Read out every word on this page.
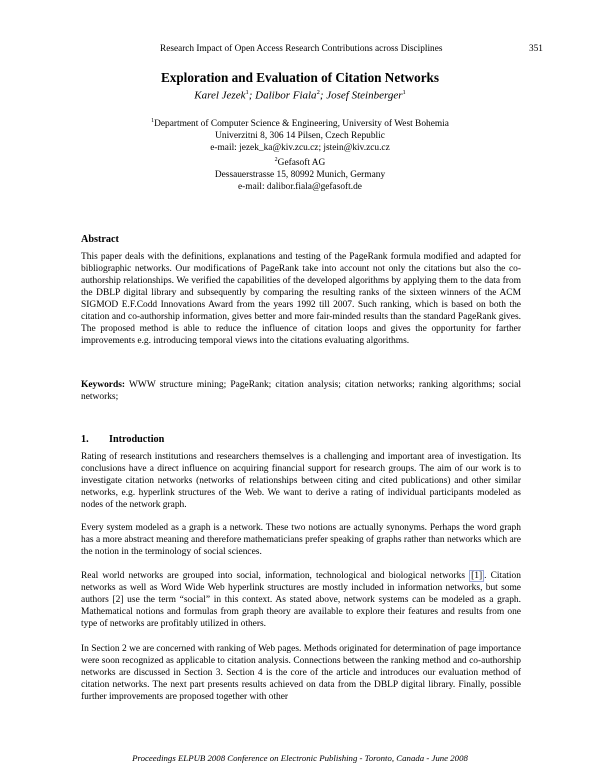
Research Impact of Open Access Research Contributions across Disciplines	351
Exploration and Evaluation of Citation Networks
Karel Jezek$^1$; Dalibor Fiala$^2$; Josef Steinberger$^1$
$^1$Department of Computer Science & Engineering, University of West Bohemia
Univerzitni 8, 306 14 Pilsen, Czech Republic
e-mail: jezek_ka@kiv.zcu.cz; jstein@kiv.zcu.cz
$^2$Gefasoft AG
Dessauerstrasse 15, 80992 Munich, Germany
e-mail: dalibor.fiala@gefasoft.de
Abstract
This paper deals with the definitions, explanations and testing of the PageRank formula modified and adapted for bibliographic networks. Our modifications of PageRank take into account not only the citations but also the co-authorship relationships. We verified the capabilities of the developed algorithms by applying them to the data from the DBLP digital library and subsequently by comparing the resulting ranks of the sixteen winners of the ACM SIGMOD E.F.Codd Innovations Award from the years 1992 till 2007. Such ranking, which is based on both the citation and co-authorship information, gives better and more fair-minded results than the standard PageRank gives. The proposed method is able to reduce the influence of citation loops and gives the opportunity for farther improvements e.g. introducing temporal views into the citations evaluating algorithms.
Keywords: WWW structure mining; PageRank; citation analysis; citation networks; ranking algorithms; social networks;
1. Introduction
Rating of research institutions and researchers themselves is a challenging and important area of investigation. Its conclusions have a direct influence on acquiring financial support for research groups. The aim of our work is to investigate citation networks (networks of relationships between citing and cited publications) and other similar networks, e.g. hyperlink structures of the Web. We want to derive a rating of individual participants modeled as nodes of the network graph.
Every system modeled as a graph is a network. These two notions are actually synonyms. Perhaps the word graph has a more abstract meaning and therefore mathematicians prefer speaking of graphs rather than networks which are the notion in the terminology of social sciences.
Real world networks are grouped into social, information, technological and biological networks [1] . Citation networks as well as Word Wide Web hyperlink structures are mostly included in information networks, but some authors [2] use the term “social” in this context. As stated above, network systems can be modeled as a graph. Mathematical notions and formulas from graph theory are available to explore their features and results from one type of networks are profitably utilized in others.
In Section 2 we are concerned with ranking of Web pages. Methods originated for determination of page importance were soon recognized as applicable to citation analysis. Connections between the ranking method and co-authorship networks are discussed in Section 3. Section 4 is the core of the article and introduces our evaluation method of citation networks. The next part presents results achieved on data from the DBLP digital library. Finally, possible further improvements are proposed together with other
Proceedings ELPUB 2008 Conference on Electronic Publishing - Toronto, Canada - June 2008
